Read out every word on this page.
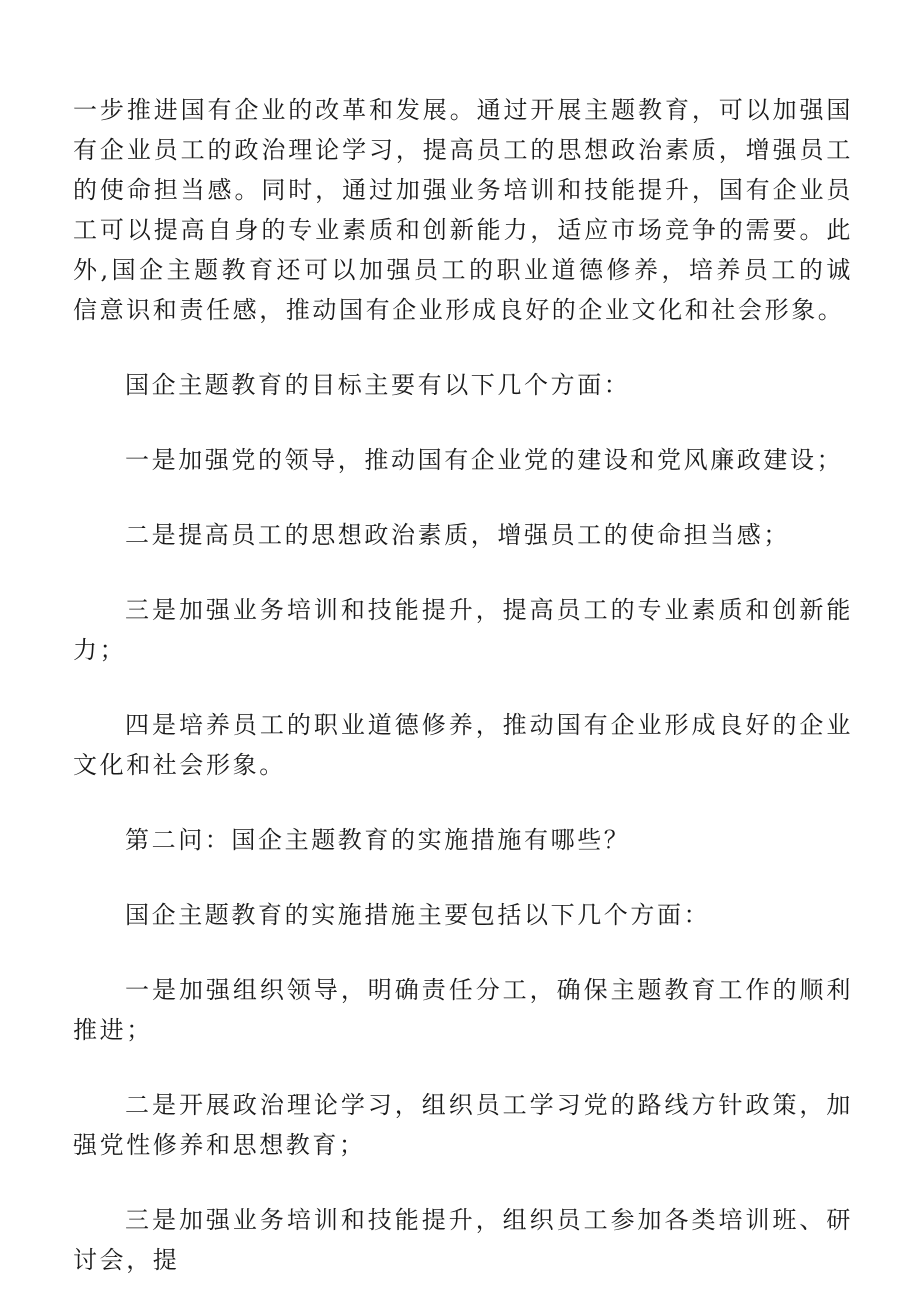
一步推进国有企业的改革和发展。通过开展主题教育，可以加强国有企业员工的政治理论学习，提高员工的思想政治素质，增强员工的使命担当感。同时，通过加强业务培训和技能提升，国有企业员工可以提高自身的专业素质和创新能力，适应市场竞争的需要。此外,国企主题教育还可以加强员工的职业道德修养，培养员工的诚信意识和责任感，推动国有企业形成良好的企业文化和社会形象。

国企主题教育的目标主要有以下几个方面：

一是加强党的领导，推动国有企业党的建设和党风廉政建设；

二是提高员工的思想政治素质，增强员工的使命担当感；

三是加强业务培训和技能提升，提高员工的专业素质和创新能力；

四是培养员工的职业道德修养，推动国有企业形成良好的企业文化和社会形象。

第二问：国企主题教育的实施措施有哪些？

国企主题教育的实施措施主要包括以下几个方面：

一是加强组织领导，明确责任分工，确保主题教育工作的顺利推进；

二是开展政治理论学习，组织员工学习党的路线方针政策，加强党性修养和思想教育；

三是加强业务培训和技能提升，组织员工参加各类培训班、研讨会，提
